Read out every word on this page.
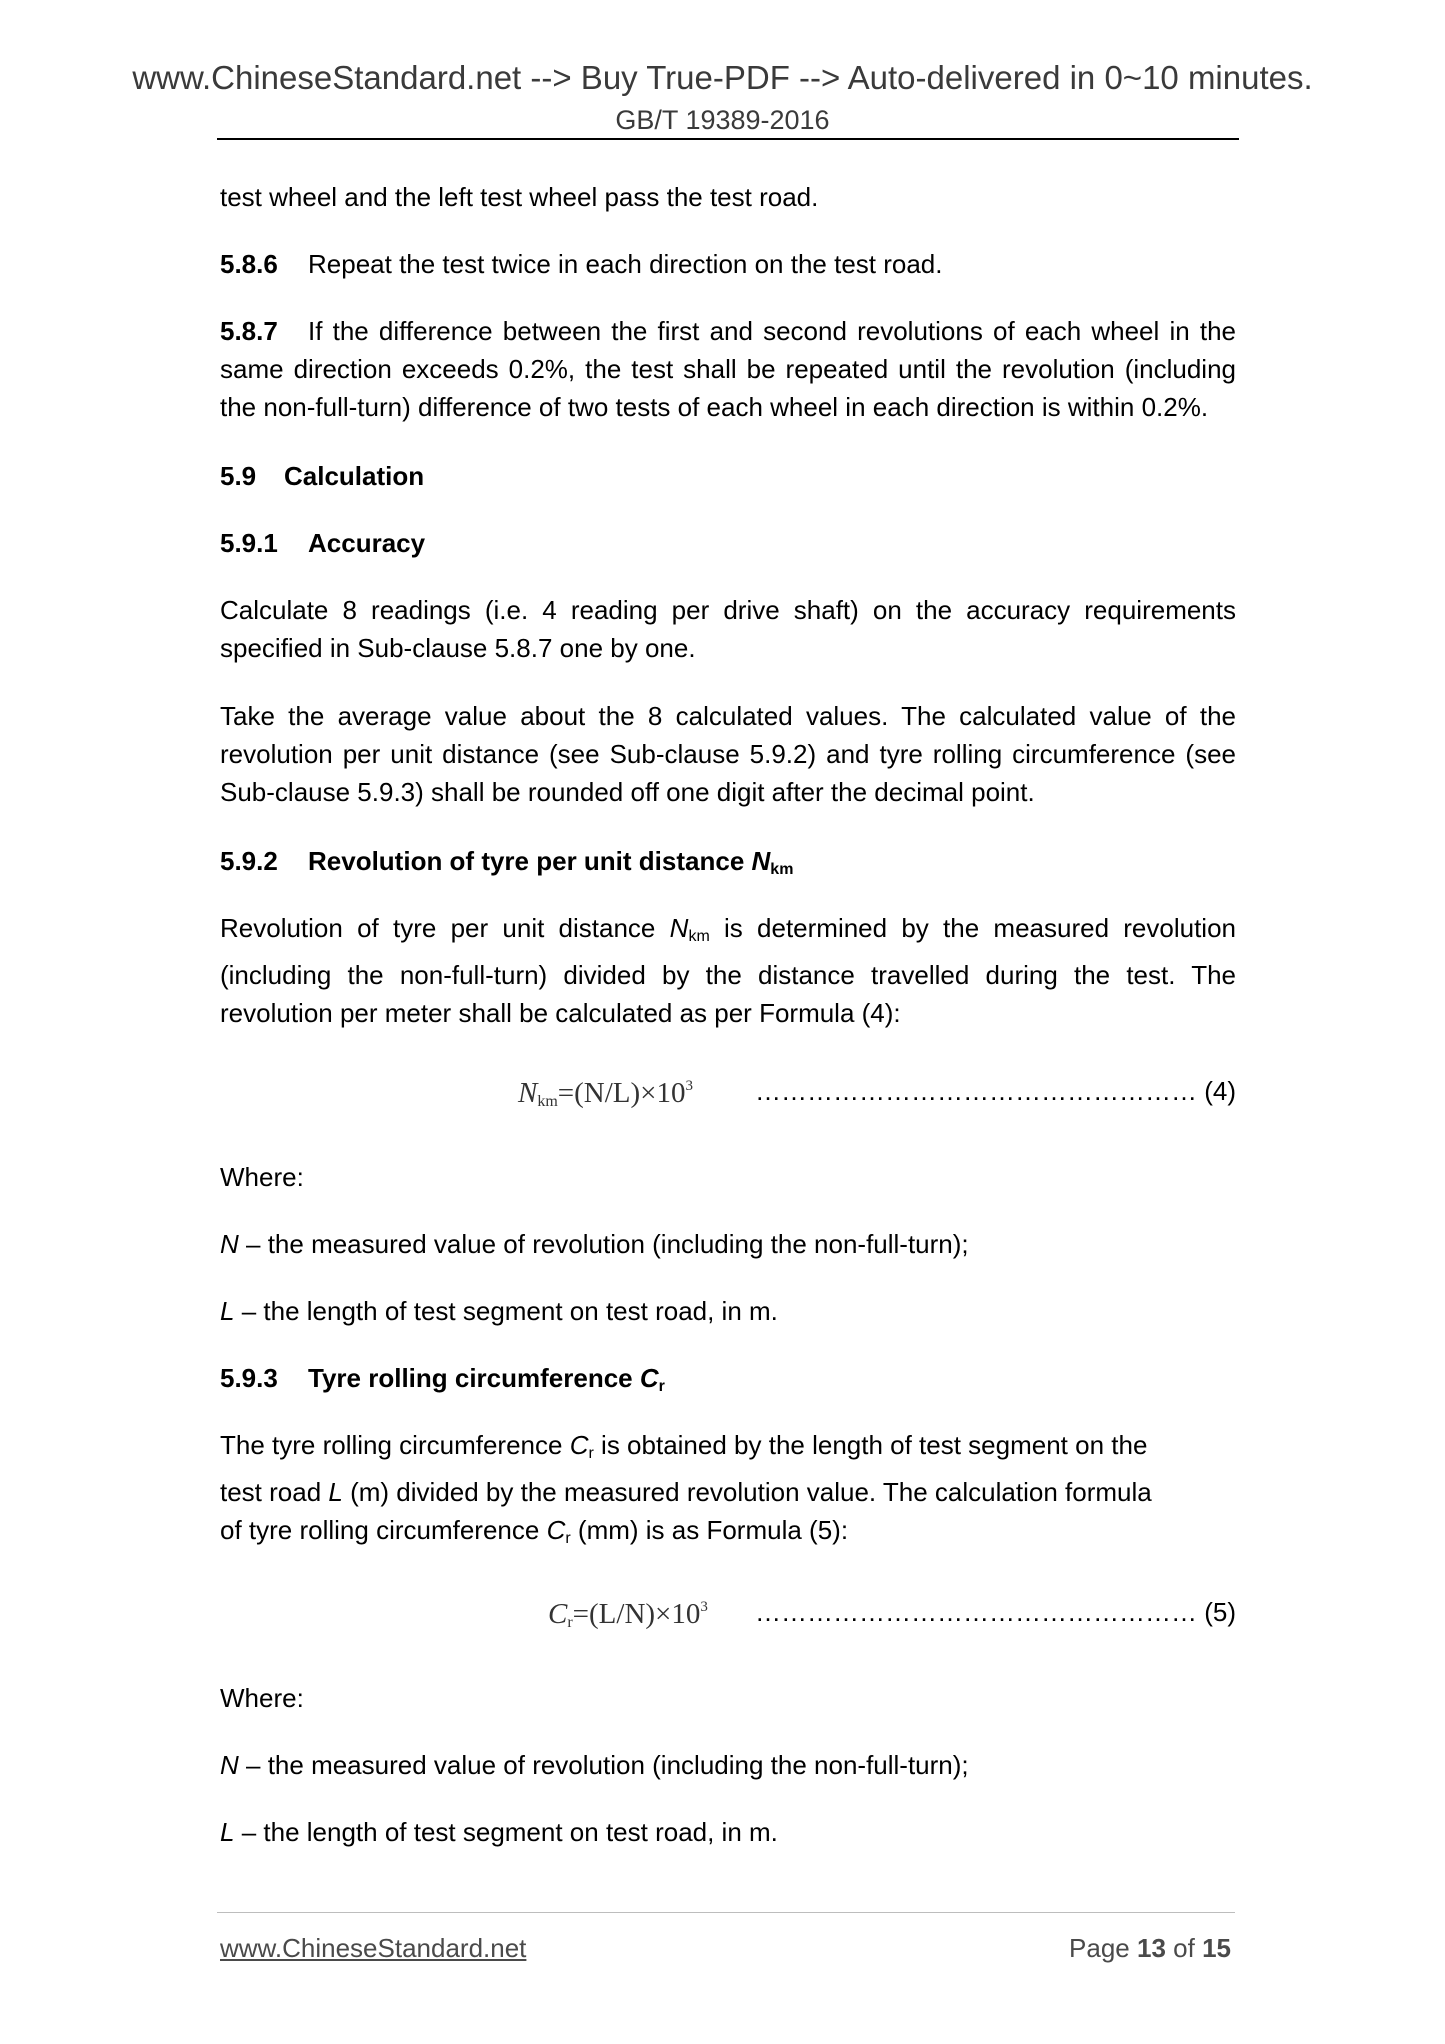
www.ChineseStandard.net --> Buy True-PDF --> Auto-delivered in 0~10 minutes.
GB/T 19389-2016

test wheel and the left test wheel pass the test road.

5.8.6 Repeat the test twice in each direction on the test road.

5.8.7 If the difference between the first and second revolutions of each wheel in the same direction exceeds 0.2%, the test shall be repeated until the revolution (including the non-full-turn) difference of two tests of each wheel in each direction is within 0.2%.

5.9 Calculation

5.9.1 Accuracy

Calculate 8 readings (i.e. 4 reading per drive shaft) on the accuracy requirements specified in Sub-clause 5.8.7 one by one.

Take the average value about the 8 calculated values. The calculated value of the revolution per unit distance (see Sub-clause 5.9.2) and tyre rolling circumference (see Sub-clause 5.9.3) shall be rounded off one digit after the decimal point.

5.9.2 Revolution of tyre per unit distance $N_{km}$

Revolution of tyre per unit distance $N_{km}$ is determined by the measured revolution (including the non-full-turn) divided by the distance travelled during the test. The revolution per meter shall be calculated as per Formula (4):

$N_{km}=(N/L)\times 10^3$ …………………………………………… (4)

Where:

N – the measured value of revolution (including the non-full-turn);

L – the length of test segment on test road, in m.

5.9.3 Tyre rolling circumference $C_r$

The tyre rolling circumference $C_r$ is obtained by the length of test segment on the
test road L (m) divided by the measured revolution value. The calculation formula
of tyre rolling circumference $C_r$ (mm) is as Formula (5):
$C_r=(L/N)\times 10^3$ …………………………………………… (5)

Where:

N – the measured value of revolution (including the non-full-turn);

L – the length of test segment on test road, in m.

www.ChineseStandard.net	Page 13 of 15
